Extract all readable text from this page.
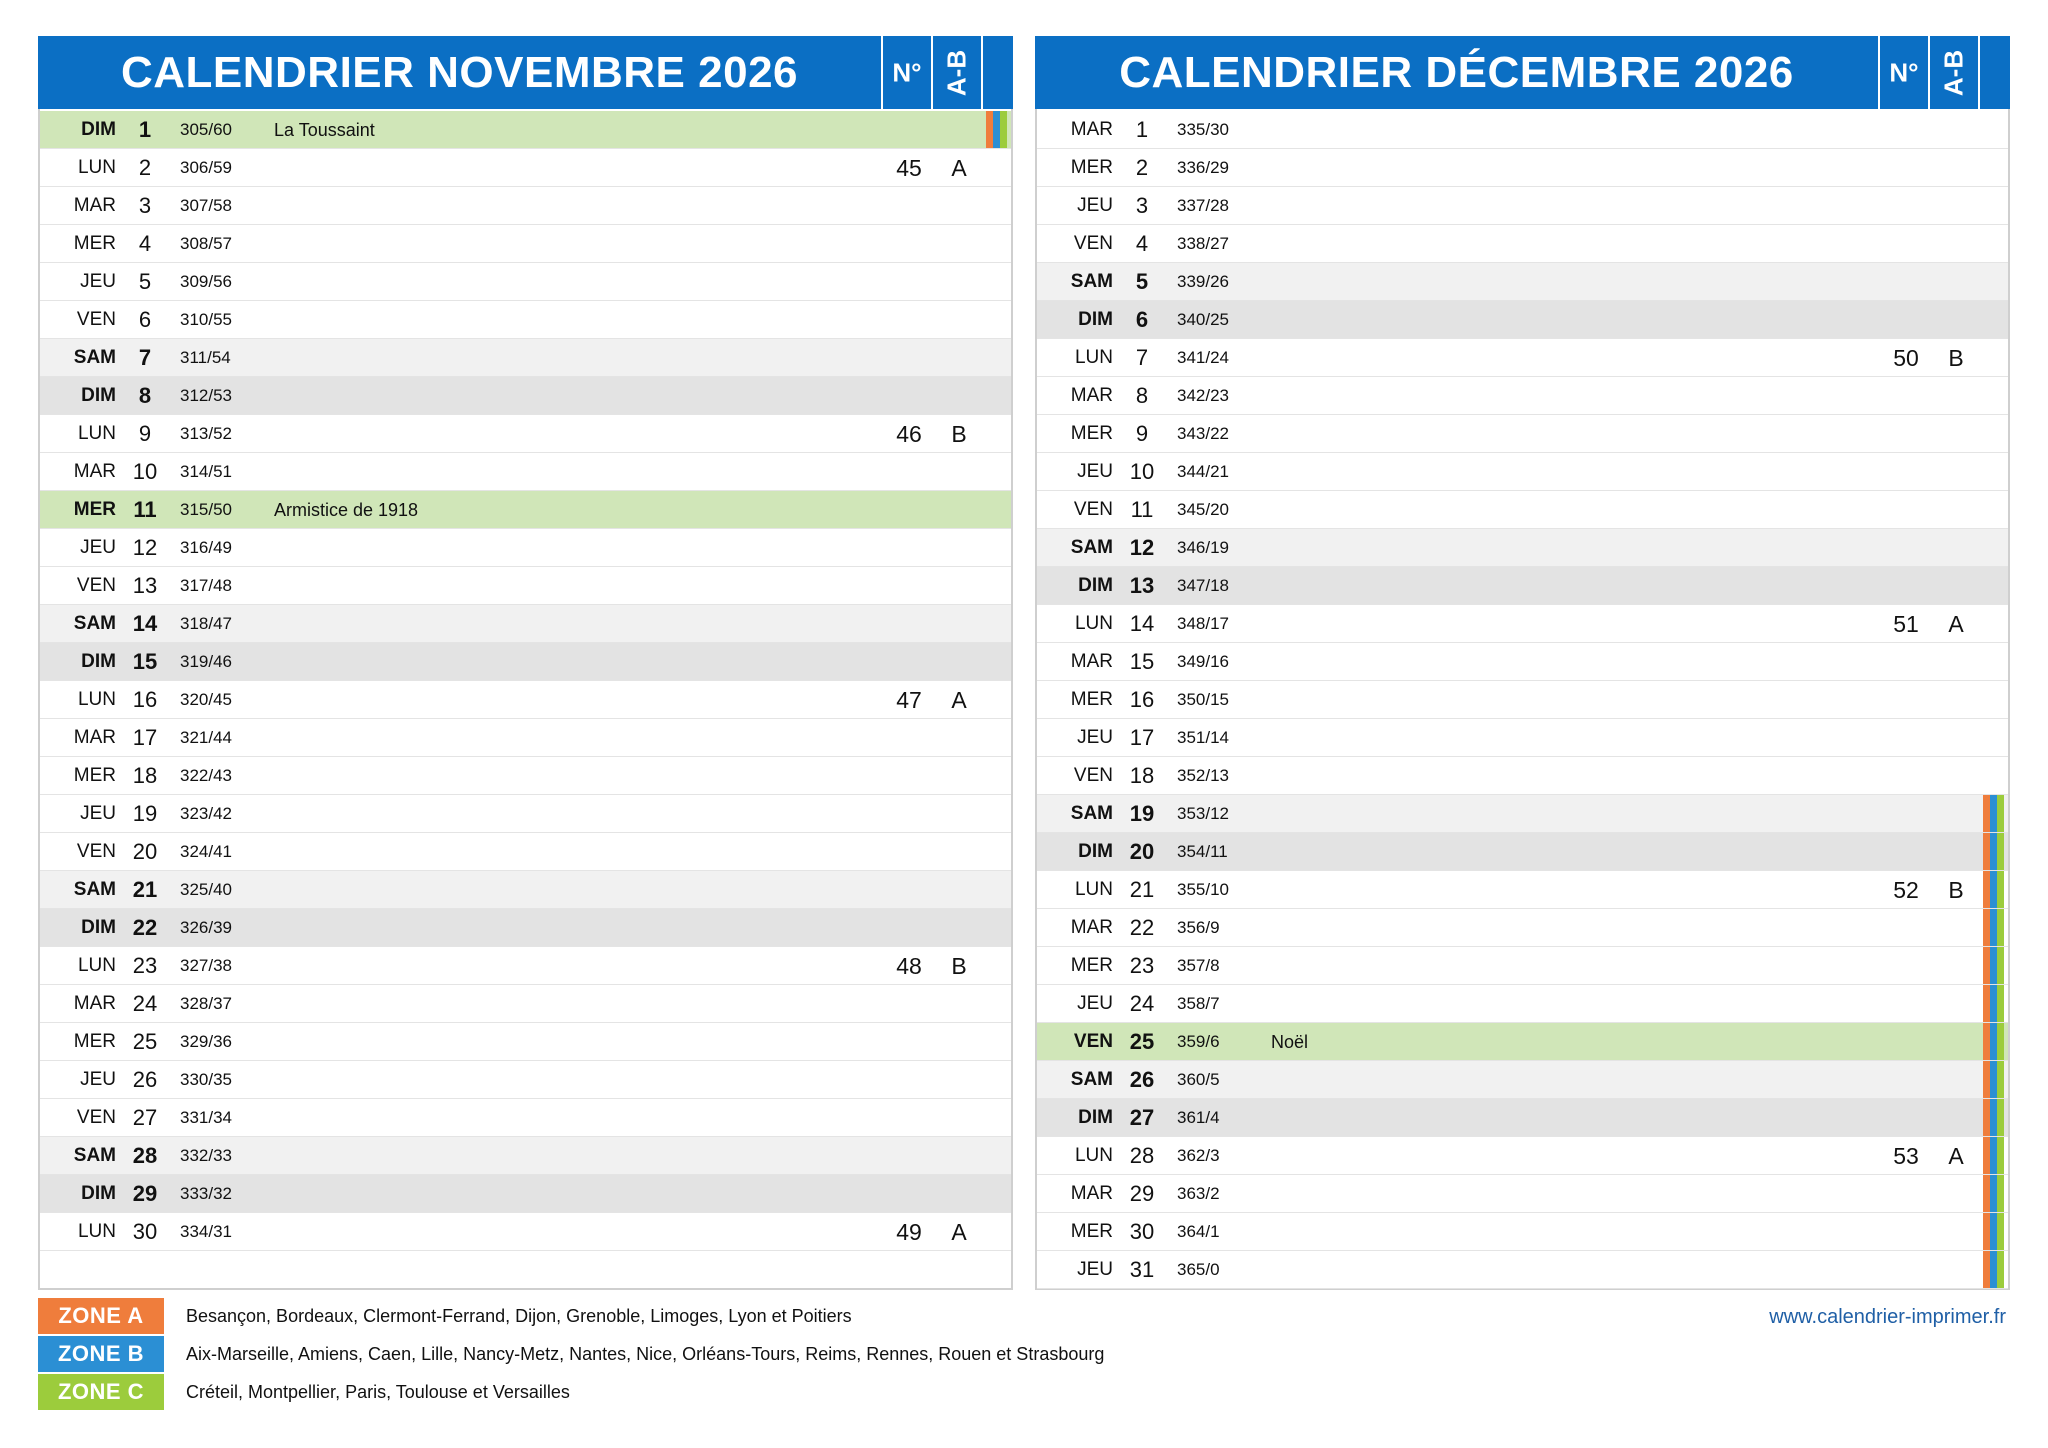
CALENDRIER NOVEMBRE 2026	N° A-B
DIM	1	305/60	La Toussaint
LUN	2	306/59	45	A
MAR	3	307/58
MER	4	308/57
JEU	5	309/56
VEN	6	310/55
SAM	7	311/54
DIM	8	312/53
LUN	9	313/52	46	B
MAR 10	314/51
MER 11	315/50	Armistice de 1918
JEU 12	316/49
VEN 13	317/48
SAM 14	318/47
DIM 15	319/46
LUN 16	320/45	47	A
MAR 17	321/44
MER 18	322/43
JEU 19	323/42
VEN 20	324/41
SAM 21	325/40
DIM 22	326/39
LUN 23	327/38	48	B
MAR 24	328/37
MER 25	329/36
JEU 26	330/35
VEN 27	331/34
SAM 28	332/33
DIM 29	333/32
LUN 30	334/31	49	A
CALENDRIER DÉCEMBRE 2026	N° A-B
MAR	1	335/30
MER	2	336/29
JEU	3	337/28
VEN	4	338/27
SAM	5	339/26
DIM	6	340/25
LUN	7	341/24	50	B
MAR	8	342/23
MER	9	343/22
JEU 10	344/21
VEN 11	345/20
SAM 12	346/19
DIM 13	347/18
LUN 14	348/17	51	A
MAR 15	349/16
MER 16	350/15
JEU 17	351/14
VEN 18	352/13
SAM 19	353/12
DIM 20	354/11
LUN 21	355/10	52	B
MAR 22	356/9
MER 23	357/8
JEU 24	358/7
VEN 25	359/6	Noël
SAM 26	360/5
DIM 27	361/4
LUN 28	362/3	53	A
MAR 29	363/2
MER 30	364/1
JEU 31	365/0
ZONE A	Besançon, Bordeaux, Clermont-Ferrand, Dijon, Grenoble, Limoges, Lyon et Poitiers
ZONE B	Aix-Marseille, Amiens, Caen, Lille, Nancy-Metz, Nantes, Nice, Orléans-Tours, Reims, Rennes, Rouen et Strasbourg
ZONE C	Créteil, Montpellier, Paris, Toulouse et Versailles
www.calendrier-imprimer.fr
